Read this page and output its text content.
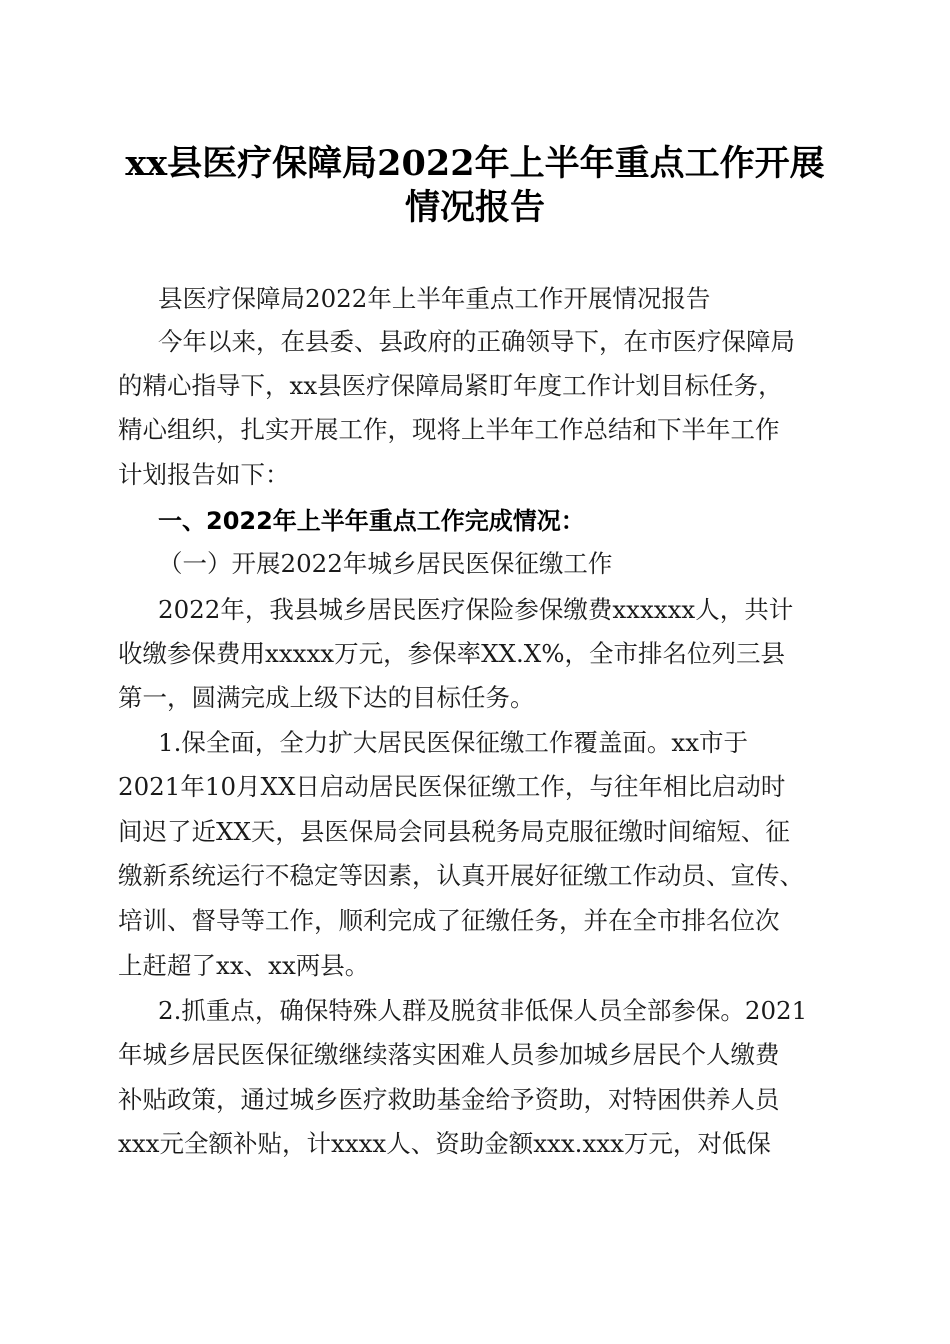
xx县医疗保障局2022年上半年重点工作开展
情况报告

县医疗保障局2022年上半年重点工作开展情况报告

今年以来，在县委、县政府的正确领导下，在市医疗保障局

的精心指导下，xx县医疗保障局紧盯年度工作计划目标任务，

精心组织，扎实开展工作，现将上半年工作总结和下半年工作

计划报告如下：

一、2022年上半年重点工作完成情况：

（一）开展2022年城乡居民医保征缴工作

2022年，我县城乡居民医疗保险参保缴费xxxxxx人，共计

收缴参保费用xxxxx万元，参保率XX.X%，全市排名位列三县

第一，圆满完成上级下达的目标任务。

1.保全面，全力扩大居民医保征缴工作覆盖面。xx市于

2021年10月XX日启动居民医保征缴工作，与往年相比启动时

间迟了近XX天，县医保局会同县税务局克服征缴时间缩短、征

缴新系统运行不稳定等因素，认真开展好征缴工作动员、宣传、

培训、督导等工作，顺利完成了征缴任务，并在全市排名位次

上赶超了xx、xx两县。

2.抓重点，确保特殊人群及脱贫非低保人员全部参保。2021

年城乡居民医保征缴继续落实困难人员参加城乡居民个人缴费

补贴政策，通过城乡医疗救助基金给予资助，对特困供养人员

xxx元全额补贴，计xxxx人、资助金额xxx.xxx万元，对低保
